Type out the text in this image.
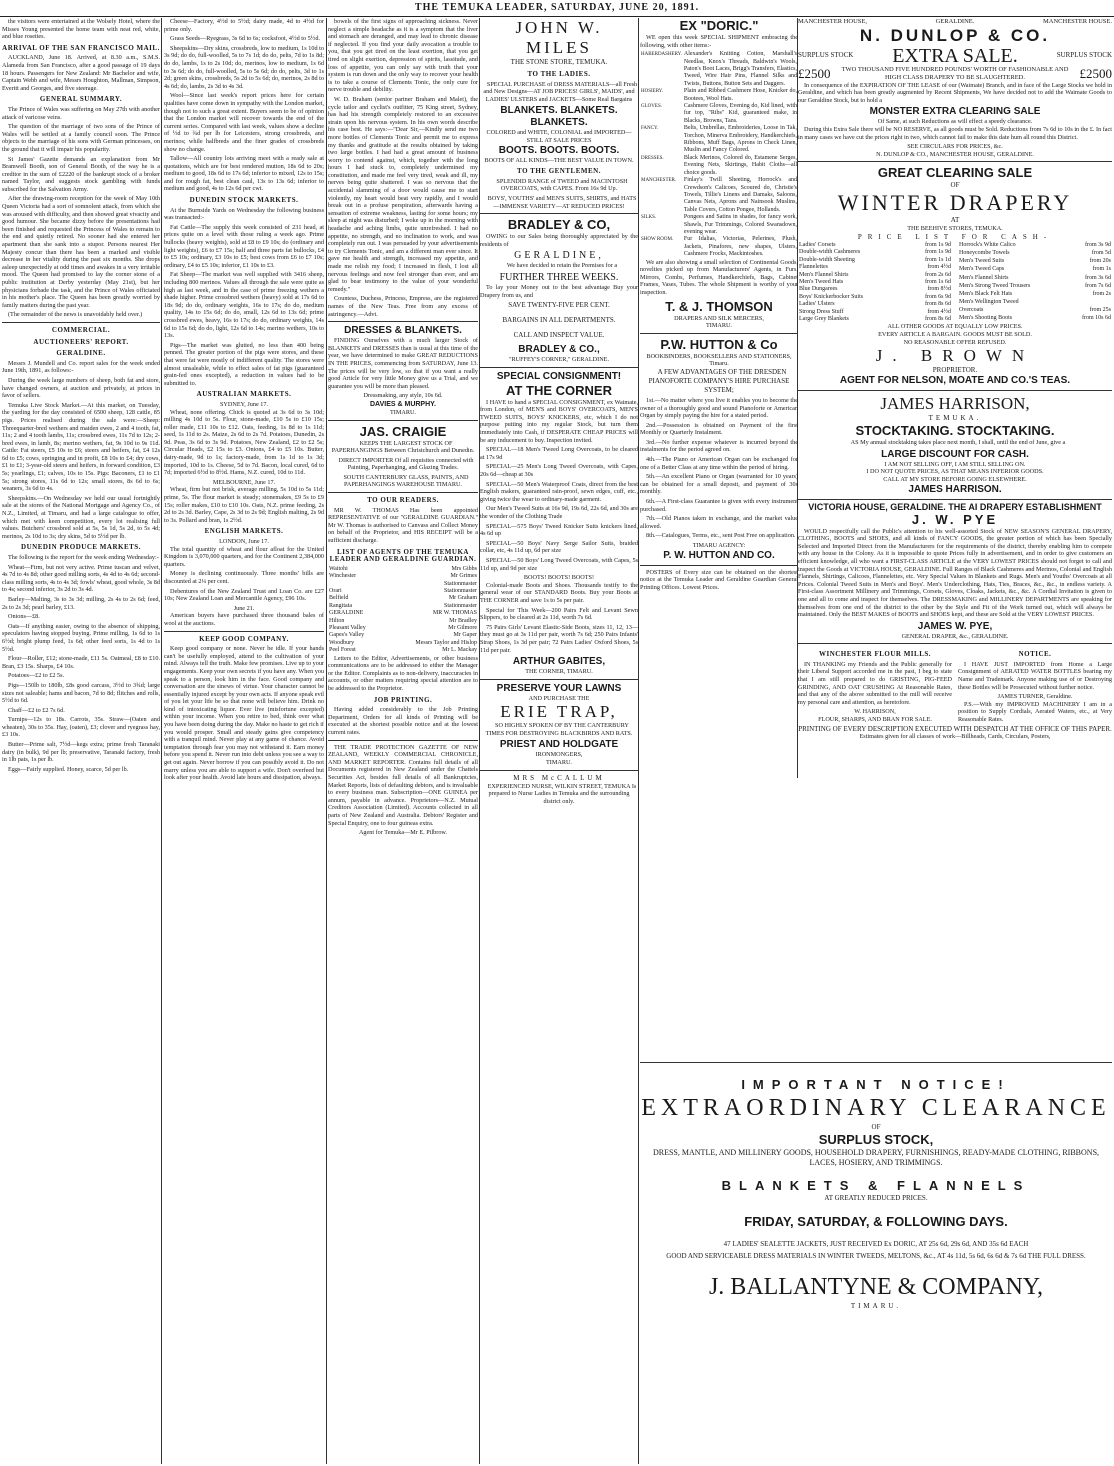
THE TEMUKA LEADER, SATURDAY, JUNE 20, 1891.

the visitors were entertained at the Wolsely Hotel, where the Misses Young presented the home team with neat red, white, and blue rosettes.

ARRIVAL OF THE SAN FRANCISCO MAIL.

AUCKLAND, June 18. Arrived, at 8.30 a.m., S.M.S. Alameda from San Francisco, after a good passage of 19 days 18 hours. Passengers for New Zealand: Mr Bachelor and wife, Captain Webb and wife, Messrs Houghton, Mallman, Simpson, Everitt and Georges, and five steerage.

GENERAL SUMMARY.

The Prince of Wales was suffering on May 27th with another attack of varicose veins.

The question of the marriage of two sons of the Prince of Wales will be settled at a family council soon. The Prince objects to the marriage of his sons with German princesses, on the ground that it will impair his popularity.

St James' Gazette demands an explanation from Mr Bramwell Booth, son of General Booth, of the way he is a creditor in the sum of £2220 of the bankrupt stock of a broker named Taylor, and suggests stock gambling with funds subscribed for the Salvation Army.

After the drawing-room reception for the week of May 10th Queen Victoria had a sort of somnolent attack, from which she was aroused with difficulty, and then showed great vivacity and good humour. She became dizzy before the presentations had been finished and requested the Princess of Wales to remain to the end and quietly retired. No sooner had she entered her apartment than she sank into a stupor. Persons nearest Her Majesty concur than there has been a marked and visible decrease in her vitality during the past six months. She drops asleep unexpectedly at odd times and awakes in a very irritable mood. The Queen had promised to lay the corner stone of a public institution at Derby yesterday (May 21st), but her physicians forbade the task, and the Prince of Wales officiated in his mother's place. The Queen has been greatly worried by family matters during the past year.

(The remainder of the news is unavoidably held over.)

COMMERCIAL.
AUCTIONEERS' REPORT.
GERALDINE.

Messrs J. Mundell and Co. report sales for the week ended June 19th, 1891, as follows:-

During the week large numbers of sheep, both fat and store, have changed owners, at auction and privately, at prices in favor of sellers.

Temuka Live Stock Market.—At this market, on Tuesday, the yarding for the day consisted of 6500 sheep, 128 cattle, 85 pigs. Prices realised during the sale were:—Sheep: Threequarter-bred wethers and maiden ewes, 2 and 4 tooth, fat, 11s; 2 and 4 tooth lambs, 11s; crossbred ewes, 11s 7d to 12s; 2-bred ewes, in lamb, 8s; merino wethers, fat, 9s 10d to 9s 11d. Cattle: Fat steers, £5 10s to £6; steers and heifers, fat, £4 12s 6d to £5; cows, springing and in profit, £8 10s to £4; dry cows, £1 to £1; 3-year-old steers and heifers, in forward condition, £3 5s; yearlings, £1; calves, 10s to 15s. Pigs: Baconers, £1 to £1 5s; strong stores, 11s 6d to 12s; small stores, 8s 6d to 6s; weaners, 3s 6d to 4s.

Sheepskins.—On Wednesday we held our usual fortnightly sale at the stores of the National Mortgage and Agency Co., of N.Z., Limited, at Timaru, and had a large catalogue to offer, which met with keen competition, every lot realising full values. Butchers' crossbred sold at 5s, 5s 1d, 5s 2d, to 5s 4d; merinos, 2s 10d to 3s; dry skins, 5d to 5½d per lb.

DUNEDIN PRODUCE MARKETS.

The following is the report for the week ending Wednesday:-

Wheat—Firm, but not very active. Prime tuscan and velvet, 4s 7d to 4s 8d; other good milling sorts, 4s 4d to 4s 6d; second-class milling sorts, 4s to 4s 3d; fowls' wheat, good whole, 3s 8d to 4s; second inferior, 3s 2d to 3s 4d.

Barley—Malting, 3s to 3s 3d; milling, 2s 4s to 2s 6d; feed, 2s to 2s 3d; pearl barley, £13.

Onions—£8.

Oats—If anything easier, owing to the absence of shipping, speculators having stopped buying. Prime milling, 1s 6d to 1s 6½d; bright plump feed, 1s 6d; other feed sorts, 1s 4d to 1s 5½d.

Flour—Roller, £12; stone-made, £11 5s. Oatmeal, £8 to £10. Bran, £3 15s. Sharps, £4 10s.

Potatoes—£2 to £2 5s.

Pigs—150lb to 180lb, £8s good carcass, 3½d to 3¾d; large sizes not saleable; hams and bacon, 7d to 8d; flitches and rolls, 5½d to 6d.

Chaff—£2 to £2 7s 6d.

Turnips—12s to 18s. Carrots, 35s. Straw—(Oaten and wheaten), 30s to 35s. Hay, (oaten), £3; clover and ryegrass hay, £3 10s.

Butter—Prime salt, 7½d—kegs extra; prime fresh Taranaki dairy (in bulk), 9d per lb; preservative, Taranaki factory, fresh in 1lb pats, 1s per lb.

Eggs—Fairly supplied. Honey, scarce, 5d per lb.

Cheese—Factory, 4½d to 5½d; dairy made, 4d to 4½d for prime only.

Grass Seeds—Ryegrass, 3s 6d to 6s; cocksfoot, 4½d to 5½d.

Sheepskins—Dry skins, crossbreds, low to medium, 1s 10d to 3s 9d; do do, full-woolled, 5s to 7s 1d; do do, pelts, 7d to 1s 8d; do do, lambs, 1s to 2s 10d; do, merinos, low to medium, 1s 6d to 3s 6d; do do, full-woolled, 5s to 5s 6d; do do, pelts, 3d to 1s 2d; green skins, crossbreds, 5s 2d to 5s 6d; do, merinos, 2s 8d to 4s 6d; do, lambs, 2s 3d to 4s 3d.

Wool—Since last week's report prices here for certain qualities have come down in sympathy with the London market, though not to such a great extent. Buyers seem to be of opinion that the London market will recover towards the end of the current series. Compared with last week, values show a decline of ½d to ¾d per lb for Leicesters, strong crossbreds, and merinos; while halfbreds and the finer grades of crossbreds show no change.

Tallow—All country lots arriving meet with a ready sale at quotations, which are for best rendered mutton, 18s 6d to 20s; medium to good, 18s 6d to 17s 6d; inferior to mixed, 12s to 15s; and for rough fat, best clean caul, 13s to 13s 6d; inferior to medium and good, 4s to 12s 6d per cwt.

DUNEDIN STOCK MARKETS.

At the Burnside Yards on Wednesday the following business was transacted:-

Fat Cattle—The supply this week consisted of 231 head, at prices quite on a level with those ruling a week ago. Prime bullocks (heavy weights), sold at £8 to £9 10s; do (ordinary and light weights), £6 to £7 15s; half and three parts fat bullocks, £4 to £5 10s; ordinary, £3 10s to £5; best cows from £6 to £7 10s; ordinary, £4 to £5 10s; inferior, £1 10s to £3.

Fat Sheep—The market was well supplied with 3416 sheep, including 800 merinos. Values all through the sale were quite as high as last week, and in the case of prime freezing wethers a shade higher. Prime crossbred wethers (heavy) sold at 17s 6d to 18s 9d; do do, ordinary weights, 16s to 17s; do do, medium quality, 14s to 15s 6d; do do, small, 12s 6d to 13s 6d; prime crossbred ewes, heavy, 16s to 17s; do do, ordinary weights, 14s 6d to 15s 6d; do do, light, 12s 6d to 14s; merino wethers, 10s to 13s.

Pigs—The market was glutted, no less than 400 being penned. The greater portion of the pigs were stores, and these that were fat were mostly of indifferent quality. The stores were almost unsaleable, while to effect sales of fat pigs (guaranteed grain-fed ones excepted), a reduction in values had to be submitted to.

AUSTRALIAN MARKETS.
SYDNEY, June 17.

Wheat, none offering. Chick is quoted at 3s 6d to 3s 10d; milling 4s 10d to 5s. Flour, stone-made, £10 5s to £10 15s; roller made, £11 10s to £12. Oats, feeding, 1s 8d to 1s 11d; seed, 1s 11d to 2s. Maize, 2s 6d to 2s 7d. Potatoes, Dunedin, 2s 9d. Peas, 3s 6d to 3s 9d. Potatoes, New Zealand, £2 to £2 5s; Circular Heads, £2 15s to £3. Onions, £4 to £5 10s. Butter, dairy-made, 9d to 1s; factory-made, from 1s 1d to 1s 3d; imported, 10d to 1s. Cheese, 5d to 7d. Bacon, local cured, 6d to 7d; imported 6½d to 8½d. Hams, N.Z. cured, 10d to 11d.

MELBOURNE, June 17.

Wheat, firm but not brisk, average milling, 5s 10d to 5s 11d; prime, 5s. The flour market is steady; stonemakes, £9 5s to £9 15s; roller makes, £10 to £10 10s. Oats, N.Z. prime feeding, 2s 2d to 2s 3d. Barley, Cape, 2s 3d to 2s 9d; English malting, 2s 9d to 3s. Pollard and bran, 1s 2½d.

ENGLISH MARKETS.
LONDON, June 17.

The total quantity of wheat and flour afloat for the United Kingdom is 3,070,000 quarters, and for the Continent 2,384,000 quarters.

Money is declining continuously. Three months' bills are discounted at 2¼ per cent.

Debentures of the New Zealand Trust and Loan Co. are £27 10s; New Zealand Loan and Mercantile Agency, £96 10s.

June 21.

American buyers have purchased three thousand bales of wool at the auctions.

KEEP GOOD COMPANY.

Keep good company or none. Never be idle. If your hands can't be usefully employed, attend to the cultivation of your mind. Always tell the truth. Make few promises. Live up to your engagements. Keep your own secrets if you have any. When you speak to a person, look him in the face. Good company and conversation are the sinews of virtue. Your character cannot be essentially injured except by your own acts. If anyone speak evil of you let your life be so that none will believe him. Drink no kind of intoxicating liquor. Ever live (misfortune excepted) within your income. When you retire to bed, think over what you have been doing during the day. Make no haste to get rich if you would prosper. Small and steady gains give competency with a tranquil mind. Never play at any game of chance. Avoid temptation through fear you may not withstand it. Earn money before you spend it. Never run into debt unless you see a way to get out again. Never borrow if you can possibly avoid it. Do not marry unless you are able to support a wife. Don't overfeed but look after your health. Avoid late hours and dissipation, always.

bowels of the first signs of approaching sickness. Never neglect a simple headache as it is a symptom that the liver and stomach are deranged, and may lead to chronic disease if neglected. If you find your daily avocation a trouble to you, that you get tired on the least exertion, that you get tired on slight exertion, depression of spirits, lassitude, and loss of appetite, you can only say with truth that your system is run down and the only way to recover your health is to take a course of Clements Tonic, the only cure for nerve trouble and debility.

W. D. Braham (senior partner Braham and Malet), the cycle tailor and cyclist's outfitter, 75 King street, Sydney, has had his strength completely restored to an excessive strain upon his nervous system. In his own words describe his case best. He says:—"Dear Sir,—Kindly send me two more bottles of Clements Tonic and permit me to express my thanks and gratitude at the results obtained by taking two large bottles. I had had a great amount of business worry to contend against, which, together with the long hours I had stuck to, completely undermined my constitution, and made me feel very tired, weak and ill, my nerves being quite shattered. I was so nervous that the accidental slamming of a door would cause me to start violently, my heart would beat very rapidly, and I would break out in a profuse perspiration, afterwards having a sensation of extreme weakness, lasting for some hours; my sleep at night was disturbed; I woke up in the morning with headache and aching limbs, quite unrefreshed. I had no appetite, no strength, and no inclination to work, and was completely run out. I was persuaded by your advertisements to try Clements Tonic, and am a different man ever since. It gave me health and strength, increased my appetite, and made me relish my food; I increased in flesh, I lost all nervous feelings and now feel stronger than ever, and am glad to bear testimony to the value of your wonderful remedy."

Countess, Duchess, Princess, Empress, are the registered names of the New Teas. Free from any excess of astringency.—Advt.

DRESSES & BLANKETS.

FINDING Ourselves with a much larger Stock of BLANKETS and DRESSES than is usual at this time of the year, we have determined to make GREAT REDUCTIONS IN THE PRICES, commencing from SATURDAY, June 13. The prices will be very low, so that if you want a really good Article for very little Money give us a Trial, and we guarantee you will be more than pleased.

Dressmaking, any style, 10s 6d.
DAVIES & MURPHY.
TIMARU.
JAS. CRAIGIE

KEEPS THE LARGEST STOCK OF PAPERHANGINGS Between Christchurch and Dunedin.

DIRECT IMPORTER Of all requisites connected with Painting, Paperhanging, and Glazing Trades.

SOUTH CANTERBURY GLASS, PAINTS, AND PAPERHANGINGS WAREHOUSE TIMARU.

TO OUR READERS.

MR W. THOMAS Has been appointed REPRESENTATIVE of our "GERALDINE GUARDIAN." Mr W. Thomas is authorised to Canvass and Collect Money on behalf of the Proprietor, and HIS RECEIPT will be a sufficient discharge.

LIST OF AGENTS OF THE TEMUKA LEADER AND GERALDINE GUARDIAN.
Waitohi	Mrs Gibbs
Winchester	Mr Grimes
	Stationmaster
Orari	Stationmaster
Belfield	Mr Graham
Rangitata	Stationmaster
GERALDINE	MR W. THOMAS
Hilton	Mr Bradley
Pleasant Valley	Mr Gilmore
Gapes's Valley	Mr Gaper
Woodbury	Messrs Taylor and Hislop
Peel Forest	Mr L. Mackay

Letters to the Editor, Advertisements, or other business communications are to be addressed to either the Manager or the Editor. Complaints as to non-delivery, inaccuracies in accounts, or other matters requiring special attention are to be addressed to the Proprietor.

JOB PRINTING.

Having added considerably to the Job Printing Department, Orders for all kinds of Printing will be executed at the shortest possible notice and at the lowest current rates.

THE TRADE PROTECTION GAZETTE OF NEW ZEALAND, WEEKLY COMMERCIAL CHRONICLE, AND MARKET REPORTER. Contains full details of all Documents registered in New Zealand under the Chattels Securities Act, besides full details of all Bankruptcies, Market Reports, lists of defaulting debtors, and is invaluable to every business man. Subscription—ONE GUINEA per annum, payable in advance. Proprietors—N.Z. Mutual Creditors Association (Limited). Accounts collected in all parts of New Zealand and Australia. Debtors' Register and Special Enquiry, one to four guineas extra.

Agent for Temuka—Mr E. Pilbrow.
JOHN W. MILES
THE STONE STORE, TEMUKA.
TO THE LADIES.

SPECIAL PURCHASE of DRESS MATERIALS—all Fresh and New Designs—AT JOB PRICES! GIRLS', MAIDS', and LADIES' ULSTERS and JACKETS—Some Real Bargains

BLANKETS. BLANKETS. BLANKETS.
COLORED and WHITE, COLONIAL and IMPORTED—STILL AT SALE PRICES
BOOTS. BOOTS. BOOTS.
BOOTS OF ALL KINDS—THE BEST VALUE IN TOWN.
TO THE GENTLEMEN.

SPLENDID RANGE of TWEED and MACINTOSH OVERCOATS, with CAPES. From 16s 9d Up.

BOYS', YOUTHS' and MEN'S SUITS, SHIRTS, and HATS—IMMENSE VARIETY—AT REDUCED PRICES!

BRADLEY & CO,

OWING to our Sales being thoroughly appreciated by the residents of

GERALDINE,

We have decided to retain the Premises for a

FURTHER THREE WEEKS.

To lay your Money out to the best advantage Buy your Drapery from us, and

SAVE TWENTY-FIVE PER CENT.
BARGAINS IN ALL DEPARTMENTS.
CALL AND INSPECT VALUE.
BRADLEY & CO.,
"RUFFEY'S CORNER," GERALDINE.
SPECIAL CONSIGNMENT!
AT THE CORNER

I HAVE to hand a SPECIAL CONSIGNMENT, ex Waimate, from London, of MEN'S and BOYS' OVERCOATS, MEN'S TWEED SUITS, BOYS' KNICKERS, etc, which I do not purpose putting into my regular Stock, but turn them immediately into Cash, if DESPERATE CHEAP PRICES will be any inducement to buy. Inspection invited.

SPECIAL—18 Men's Tweed Long Overcoats, to be cleared at 17s 9d

SPECIAL—25 Men's Long Tweed Overcoats, with Capes, 20s 6d—cheap at 30s

SPECIAL—50 Men's Waterproof Coats, direct from the best English makers, guaranteed rain-proof, sewn edges, cuff, etc., giving twice the wear to ordinary-made garment.

Our Men's Tweed Suits at 16s 9d, 19s 6d, 22s 6d, and 30s are the wonder of the Clothing Trade

SPECIAL—575 Boys' Tweed Knicker Suits knickers lined, 4s 6d up

SPECIAL—50 Boys' Navy Serge Sailor Suits, braided collar, etc, 4s 11d up, 6d per size

SPECIAL—50 Boys' Long Tweed Overcoats, with Capes, 5s 11d up, and 9d per size

BOOTS! BOOTS! BOOTS!

Colonial-made Boots and Shoes. Thousands testify to the general wear of our STANDARD Boots. Buy your Boots at THE CORNER and save 1s to 5s per pair.

Special for This Week—200 Pairs Felt and Levant Sewn Slippers, to be cleared at 2s 11d, worth 7s 6d.

75 Pairs Girls' Levant Elastic-Side Boots, sizes 11, 12, 13—they must go at 3s 11d per pair, worth 7s 6d; 250 Pairs Infants' Strap Shoes, 1s 3d per pair; 72 Pairs Ladies' Oxford Shoes, 5s 11d per pair.

ARTHUR GABITES,
THE CORNER, TIMARU.
PRESERVE YOUR LAWNS
AND PURCHASE THE
ERIE TRAP,

SO HIGHLY SPOKEN OF BY THE CANTERBURY TIMES FOR DESTROYING BLACKBIRDS AND RATS.

PRIEST AND HOLDGATE
IRONMONGERS,
TIMARU.
MRS McCALLUM

EXPERIENCED NURSE, WILKIN STREET, TEMUKA Is prepared to Nurse Ladies in Temuka and the surrounding district only.

EX "DORIC."

WE open this week SPECIAL SHIPMENT embracing the following, with other items:-

HABERDASHERY.	Alexander's Knitting Cotton, Marshall's Needlas, Knox's Threads, Baldwin's Wools, Paton's Boot Laces, Brigg's Transfers, Elastics, Tweed, Wire Hair Pins, Flannel Silks and Twists, Buttons, Button Sets and Daggers.
HOSIERY.	Plain and Ribbed Cashmere Hose, Knicker do, Bootees, Wool Hats.
GLOVES.	Cashmere Gloves, Evening do, Kid lined, with fur top, "Ribs" Kid, guaranteed make, in Blacks, Browns, Tans.
FANCY.	Belts, Umbrellas, Embroideries, Loose in Tak, Torchon, Minerva Embroidery, Handkerchiefs, Ribbons, Muff Bags, Aprons in Check Linen, Muslin and Fancy Colored.
DRESSES.	Black Merinos, Colored do, Estamene Serges, Evening Nets, Skirtings, Habit Cloths—all choice goods.
MANCHESTER.	Finlay's Twill Sheeting, Horrock's and Crewdson's Calicoes, Scoured do, Christie's Towels, Tillie's Linens and Damaks, Saloons, Canvas Nets, Aprons and Nainsook Muslins, Table Covers, Cotton Pongee, Hollands.
SILKS.	Pongees and Satins in shades, for fancy work, Shawls, Fur Trimmings, Colored Swansdown, evening wear.
SHOW ROOM.	Fur Idalias, Victorias, Pelerines, Plush, Jackets, Pinafores, new shapes, Ulsters, Cashmere Frocks, Mackintoshes.

We are also showing a small selection of Continental Goods, novelties picked up from Manufacturers' Agents, in Furs, Mirrors, Combs, Perfumes, Handkerchiefs, Bags, Cabinet Frames, Vases, Tubes. The whole Shipment is worthy of your inspection.

T. & J. THOMSON
DRAPERS AND SILK MERCERS,
TIMARU.
P.W. HUTTON & Co
BOOKBINDERS, BOOKSELLERS AND STATIONERS,
Timaru.

A FEW ADVANTAGES OF THE DRESDEN PIANOFORTE COMPANY'S HIRE PURCHASE SYSTEM;

1st.—No matter where you live it enables you to become the owner of a thoroughly good and sound Pianoforte or American Organ by simply paying the hire for a stated period.

2nd.—Possession is obtained on Payment of the first Monthly or Quarterly Instalment.

3rd.—No further expense whatever is incurred beyond the instalments for the period agreed on.

4th.—The Piano or American Organ can be exchanged for one of a Better Class at any time within the period of hiring.

5th.—An excellent Piano or Organ (warranted for 10 years) can be obtained for a small deposit, and payment of 30s monthly.

6th.—A First-class Guarantee is given with every instrument purchased.

7th.—Old Pianos taken in exchange, and the market value allowed.

8th.—Catalogues, Terms, etc., sent Post Free on application.

TIMARU AGENCY:
P. W. HUTTON AND CO.

POSTERS of Every size can be obtained on the shortest notice at the Temuka Leader and Geraldine Guardian General Printing Offices. Lowest Prices.

MANCHESTER HOUSE,	GERALDINE.	MANCHESTER HOUSE.
N. DUNLOP & CO.
SURPLUS STOCK EXTRA SALE.	SURPLUS STOCK
£2500	TWO THOUSAND FIVE HUNDRED POUNDS' WORTH OF FASHIONABLE AND HIGH CLASS DRAPERY TO BE SLAUGHTERED.	£2500

In consequence of the EXPIRATION OF THE LEASE of our (Waimate) Branch, and in face of the Large Stocks we hold in Geraldine, and which has been greatly augmented by Recent Shipments, We have decided not to add the Waimate Goods to our Geraldine Stock, but to hold a

MONSTER EXTRA CLEARING SALE
Of Same, at such Reductions as will effect a speedy clearance.

During this Extra Sale there will be NO RESERVE, as all goods must be Sold. Reductions from 7s 6d to 10s in the £. In fact in many cases we have cut the prices right in two, which cannot fail to make this date hum all round this District.

SEE CIRCULARS FOR PRICES, &c.
N. DUNLOP & CO., MANCHESTER HOUSE, GERALDINE.
GREAT CLEARING SALE
OF
WINTER DRAPERY
AT
THE BEEHIVE STORES, TEMUKA.
PRICE LIST FOR CASH-
Ladies' Corsets	from 1s 9d
Double-width Cashmeres	from 1s 9d
Double-width Sheeting	from 1s 1d
Flannelettes	from 4½d
Men's Flannel Shirts	from 2s 6d
Men's Tweed Hats	from 1s 6d
Blue Dungarees	from 8½d
Boys' Knickerbocker Suits	from 6s 9d
Ladies' Ulsters	from 8s 6d
Strong Dress Stuff	from 4½d
Large Grey Blankets	from 8s 6d
Horrock's White Calico	from 3s 9d
Honeycombe Towels	from 5d
Men's Tweed Suits	from 20s
Men's Tweed Caps	from 1s
Men's Flannel Shirts	from 3s 6d
Men's Strong Tweed Trousers	from 7s 6d
Men's Black Felt Hats	from 2s
Men's Wellington Tweed	
Overcoats	from 25s
Men's Shooting Boots	from 10s 6d
ALL OTHER GOODS AT EQUALLY LOW PRICES.
EVERY ARTICLE A BARGAIN. GOODS MUST BE SOLD.
NO REASONABLE OFFER REFUSED.
J. BROWN
PROPRIETOR.
AGENT FOR NELSON, MOATE AND CO.'S TEAS.
JAMES HARRISON,
TEMUKA.
STOCKTAKING. STOCKTAKING.

AS My annual stocktaking takes place next month, I shall, until the end of June, give a

LARGE DISCOUNT FOR CASH.
I AM NOT SELLING OFF, I AM STILL SELLING ON.
I DO NOT QUOTE PRICES, AS THAT MEANS INFERIOR GOODS.
CALL AT MY STORE BEFORE GOING ELSEWHERE.
JAMES HARRISON.
VICTORIA HOUSE, GERALDINE. THE AI DRAPERY ESTABLISHMENT
J. W. PYE

WOULD respectfully call the Public's attention to his well-assorted Stock of NEW SEASON'S GENERAL DRAPERY, CLOTHING, BOOTS and SHOES, and all kinds of FANCY GOODS, the greater portion of which has been Specially Selected and Imported Direct from the Manufacturers for the requirements of the district, thereby enabling him to compete with any house in the Colony. As it is impossible to quote Prices fully in advertisement, and in order to give customers an efficient knowledge, all who want a FIRST-CLASS ARTICLE at the VERY LOWEST PRICES should not forget to call and inspect the Goods at VICTORIA HOUSE, GERALDINE. Full Ranges of Black Cashmeres and Merinos, Colonial and English Flannels, Shirtings, Calicoes, Flannelettes, etc. Very Special Values in Blankets and Rugs. Men's and Youths' Overcoats at all Prices. Colonial Tweed Suits in Men's and Boys'. Men's Underclothing, Hats, Ties, Braces, &c., &c., in endless variety. A First-class Assortment Millinery and Trimmings, Corsets, Gloves, Cloaks, Jackets, &c., &c. A Cordial Invitation is given to one and all to come and inspect for themselves. The DRESSMAKING and MILLINERY DEPARTMENTS are speaking for themselves from one end of the district to the other by the Style and Fit of the Work turned out, which will always be maintained. Only the BEST MAKES of BOOTS and SHOES kept, and these are Sold at the VERY LOWEST PRICES.

JAMES W. PYE,
GENERAL DRAPER, &c., GERALDINE.
WINCHESTER FLOUR MILLS.

IN THANKING my Friends and the Public generally for their Liberal Support accorded me in the past, I beg to state that I am still prepared to do GRISTING, PIG-FEED GRINDING, AND OAT CRUSHING At Reasonable Rates, and that any of the above submitted to the mill will receive my personal care and attention, as heretofore.

W. HARRISON,
FLOUR, SHARPS, AND BRAN FOR SALE.
NOTICE.

I HAVE JUST IMPORTED from Home a Large Consignment of AERATED WATER BOTTLES bearing my Name and Trademark. Anyone making use of or Destroying these Bottles will be Prosecuted without further notice.

JAMES TURNER, Geraldine.

P.S.—With my IMPROVED MACHINERY I am in a position to Supply Cordials, Aerated Waters, etc., at Very Reasonable Rates.

PRINTING OF EVERY DESCRIPTION EXECUTED WITH DESPATCH AT THE OFFICE OF THIS PAPER.
Estimates given for all classes of work—Billheads, Cards, Circulars, Posters,
IMPORTANT NOTICE!
EXTRAORDINARY CLEARANCE
OF
SURPLUS STOCK,
DRESS, MANTLE, AND MILLINERY GOODS, HOUSEHOLD DRAPERY, FURNISHINGS, READY-MADE CLOTHING, RIBBONS, LACES, HOSIERY, AND TRIMMINGS.
BLANKETS & FLANNELS
AT GREATLY REDUCED PRICES.
FRIDAY, SATURDAY, & FOLLOWING DAYS.
47 LADIES' SEALETTE JACKETS, JUST RECEIVED Ex DORIC, AT 25s 6d, 29s 6d, AND 35s 6d EACH
GOOD AND SERVICEABLE DRESS MATERIALS IN WINTER TWEEDS, MELTONS, &c., AT 4s 11d, 5s 6d, 6s 6d & 7s 6d THE FULL DRESS.
J. BALLANTYNE & COMPANY,
TIMARU.
